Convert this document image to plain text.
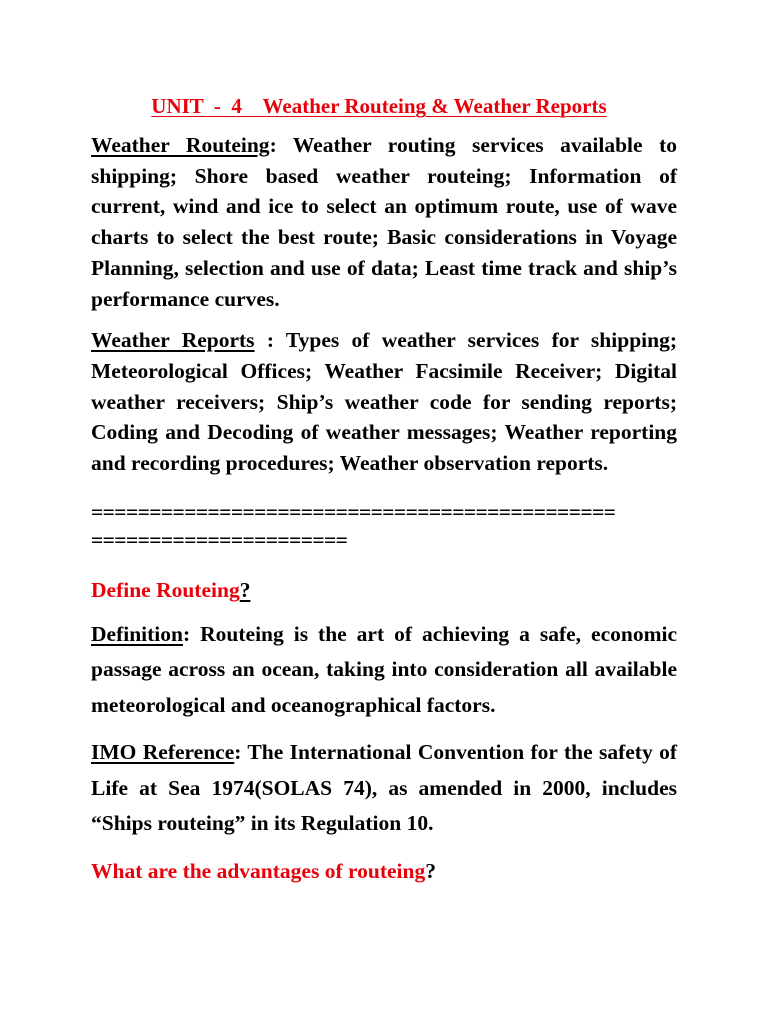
UNIT  -  4    Weather Routeing & Weather Reports

Weather Routeing: Weather routing services available to shipping; Shore based weather routeing; Information of current, wind and ice to select an optimum route, use of wave charts to select the best route; Basic considerations in Voyage Planning, selection and use of data; Least time track and ship’s performance curves.

Weather Reports : Types of weather services for shipping; Meteorological Offices; Weather Facsimile Receiver; Digital weather receivers; Ship’s weather code for sending reports; Coding and Decoding of weather messages; Weather reporting and recording procedures; Weather observation reports.

=============================================
======================
Define Routeing?

Definition: Routeing is the art of achieving a safe, economic passage across an ocean, taking into consideration all available meteorological and oceanographical factors.

IMO Reference: The International Convention for the safety of Life at Sea 1974(SOLAS 74), as amended in 2000, includes “Ships routeing” in its Regulation 10.

What are the advantages of routeing?
